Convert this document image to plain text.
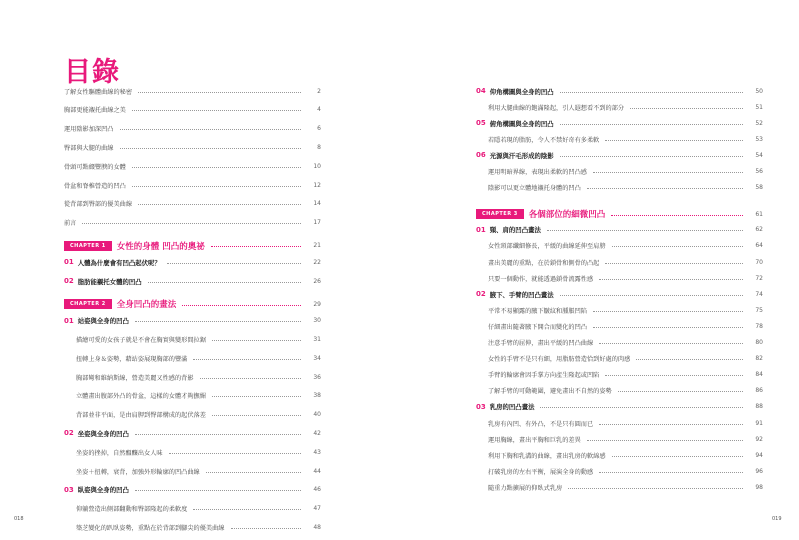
目錄
了解女性驅體曲線的秘密	2
胸部更能襯托曲線之美	4
運用陰影加深凹凸	6
臀部與大腿的曲線	8
骨頭可點綴豐腴的女體	10
骨盆和脊椎營造的凹凸	12
從背部到臀部的優美曲線	14
前言	17
CHAPTER 1	女性的身體 凹凸的奧祕	21
01 人體為什麼會有凹凸起伏呢？	22
02 脂肪能襯托女體的凹凸	26
CHAPTER 2	全身凹凸的畫法	29
01 站姿與全身的凹凸	30
描繪可愛的女孩子就是不會在胸實與變形間拉鋸	31
扭轉上身＆姿勢，藉站姿展現胸部的豐滿	34
胸部彎和維納斯線，營造美麗又性感的背影	36
立體畫出腹部外凸的骨盆，這樣的女體才夠撫媚	38
背部並非平面，是由肩胛到臀部構成的起伏落差	40
02 坐姿與全身的凹凸	42
坐姿的挫掉，自然醞釀出女人味	43
坐姿＋扭轉，衰背，加強外形輪廓的凹凸曲線	44
03 臥姿與全身的凹凸	46
仰躺營造出側部翻動和臀部隆起的柔軟度	47
築芝變化的趴臥姿勢，重點在於背部到腳尖的優美曲線	48
04 仰角構圖與全身的凹凸	50
利用大腿曲線的飽滿隆起，引人遐想看不到的部分	51
05 俯角構圖與全身的凹凸	52
若隱若現的脂肪，令人不禁好奇有多柔軟	53
06 光源與汗毛形成的陰影	54
運用明暗界線，表現出柔軟的凹凸感	56
陰影可以更立體地襯托身體的凹凸	58
CHAPTER 3	各個部位的細微凹凸	61
01 頸、肩的凹凸畫法	62
女性頸部纖細修長，平緩的曲線延伸至肩膀	64
畫出美麗的重點，在於鎖骨和側骨的凸起	70
只要一個動作，就能透過鎖骨流露性感	72
02 腋下、手臂的凹凸畫法	74
平常不易顯露的腋下皺紋和腫脹凹陷	75
仔細畫出隨著腋下開合而變化的凹凸	78
注意手臂的屈伸，畫出平緩的凹凸曲線	80
女性的手臂不是只有細，用脂肪營造恰到好處的肉感	82
手臂的輪廓會因手掌方向產生隆起或凹陷	84
了解手臂的可動範圍，避免畫出不自然的姿勢	86
03 乳房的凹凸畫法	88
乳房有內凹、有外凸，不是只有圓而已	91
運用胸線，畫出平胸和巨乳的差異	92
利用下胸和乳溝的曲線，畫出乳房的軟綿感	94
打破乳房的左右平衡，展演全身的動感	96
隨重力點擴展的仰臥式乳房	98
018	019
